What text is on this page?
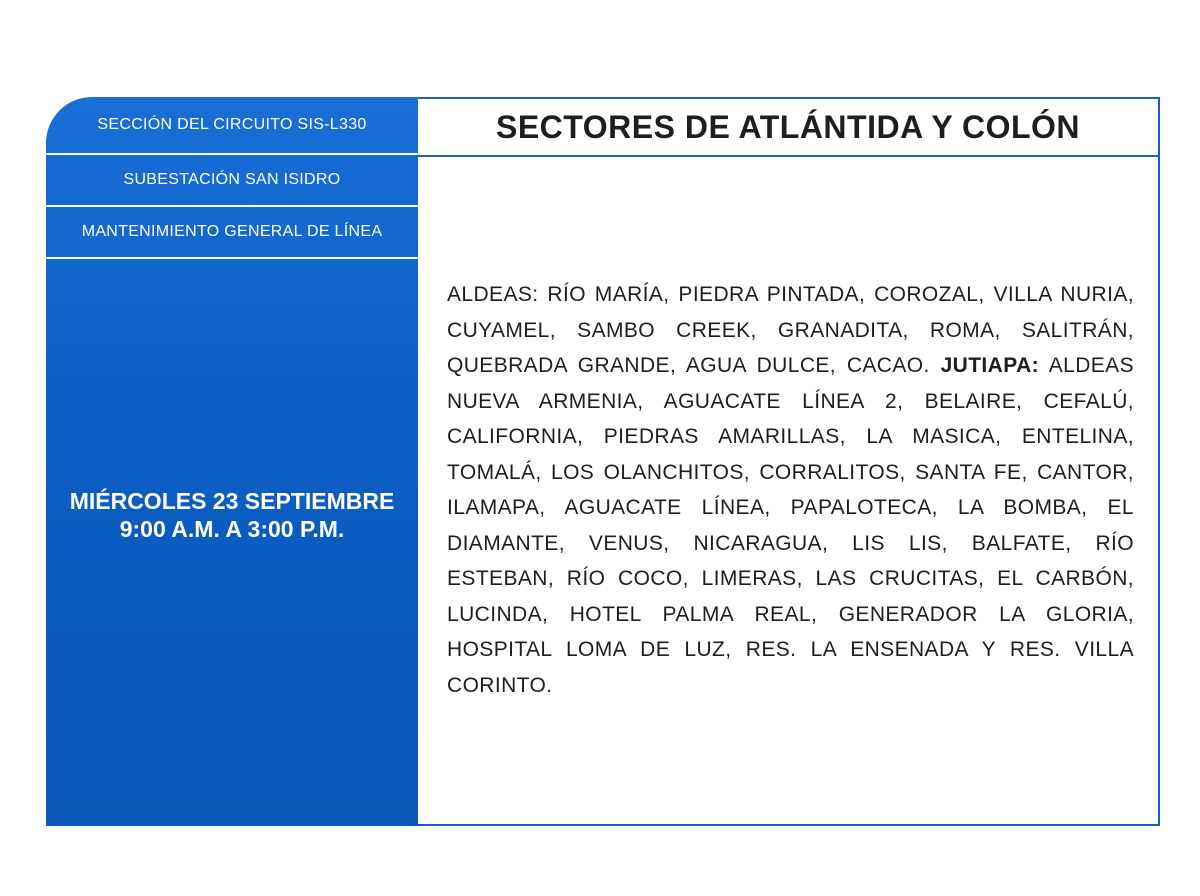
SECCIÓN DEL CIRCUITO SIS-L330
SUBESTACIÓN SAN ISIDRO
MANTENIMIENTO GENERAL DE LÍNEA
MIÉRCOLES 23 SEPTIEMBRE
9:00 A.M. A 3:00 P.M.
SECTORES DE ATLÁNTIDA Y COLÓN
ALDEAS: RÍO MARÍA, PIEDRA PINTADA, COROZAL, VILLA NURIA, CUYAMEL, SAMBO CREEK, GRANADITA, ROMA, SALITRÁN, QUEBRADA GRANDE, AGUA DULCE, CACAO. JUTIAPA: ALDEAS NUEVA ARMENIA, AGUACATE LÍNEA 2, BELAIRE, CEFALÚ, CALIFORNIA, PIEDRAS AMARILLAS, LA MASICA, ENTELINA, TOMALÁ, LOS OLANCHITOS, CORRALITOS, SANTA FE, CANTOR, ILAMAPA, AGUACATE LÍNEA, PAPALOTECA, LA BOMBA, EL DIAMANTE, VENUS, NICARAGUA, LIS LIS, BALFATE, RÍO ESTEBAN, RÍO COCO, LIMERAS, LAS CRUCITAS, EL CARBÓN, LUCINDA, HOTEL PALMA REAL, GENERADOR LA GLORIA, HOSPITAL LOMA DE LUZ, RES. LA ENSENADA Y RES. VILLA CORINTO.
